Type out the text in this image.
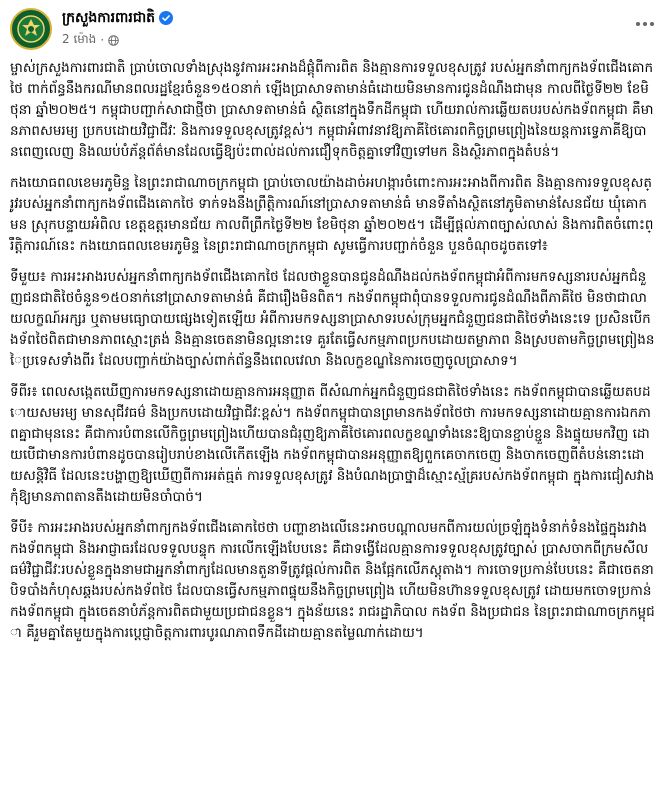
ក្រសួងការពារជាតិ
2 ម៉ោង ·

ម្ចាស់ក្រសួងការពារជាតិ ប្រាប់ចោលទាំងស្រុងនូវការអះអាងដ៏ផ្តុំពីការពិត និងគ្មានការទទួលខុសត្រូវ របស់អ្នកនាំពាក្យកងទ័ពជើងគោកថៃ ពាក់ព័ន្ធនឹងករណីមានពលរដ្ឋខ្មែរចំនួន១៥០នាក់ ឡើងប្រាសាទតាមាន់ធំដោយមិនមានការជូនដំណឹងជាមុន កាលពីថ្ងៃទី២២ ខែមិថុនា ឆ្នាំ២០២៥។ កម្ពុជាបញ្ជាក់សាជាថ្មីថា ប្រាសាទតាមាន់ធំ ស្ថិតនៅក្នុងទឹកដីកម្ពុជា ហើយរាល់ការឆ្លើយតបរបស់កងទ័ពកម្ពុជា គឺមានភាពសមរម្យ ប្រកបដោយវិជ្ជាជីវៈ និងការទទួលខុសត្រូវខ្ពស់។ កម្ពុជាអំពាវនាវឱ្យភាគីថៃគោរពកិច្ចព្រមព្រៀងនៃយន្តការទ្វេភាគីឱ្យបានពេញលេញ និងឈប់បំភ័ន្តព័ត៌មានដែលធ្វើឱ្យប៉ះពាល់ដល់ការជឿទុកចិត្តគ្នាទៅវិញទៅមក និងស្ថិរភាពក្នុងតំបន់។

កងយោធពលខេមរភូមិន្ទ នៃព្រះរាជាណាចក្រកម្ពុជា ប្រាប់ចោលយ៉ាងដាច់អហង្ការចំពោះការអះអាងពីការពិត និងគ្មានការទទួលខុសត្រូវរបស់អ្នកនាំពាក្យកងទ័ពជើងគោកថៃ ទាក់ទងនឹងព្រឹត្តិការណ៍នៅប្រាសាទតាមាន់ធំ មានទីតាំងស្ថិតនៅភូមិតាមាន់សែនជ័យ ឃុំគោកមន ស្រុកបន្ទាយអំពិល ខេត្តឧត្តរមានជ័យ កាលពីព្រឹកថ្ងៃទី២២ ខែមិថុនា ឆ្នាំ២០២៥។ ដើម្បីផ្តល់ភាពច្បាស់លាស់ និងការពិតចំពោះព្រឹត្តិការណ៍នេះ កងយោធពលខេមរភូមិន្ទ នៃព្រះរាជាណាចក្រកម្ពុជា សូមធ្វើការបញ្ជាក់ចំនួន បួនចំណុចដូចតទៅ៖

ទីមួយ៖ ការអះអាងរបស់អ្នកនាំពាក្យកងទ័ពជើងគោកថៃ ដែលថាខ្លួនបានជូនដំណឹងដល់កងទ័ពកម្ពុជាអំពីការមកទស្សនារបស់អ្នកជំនួញជនជាតិថៃចំនួន១៥០នាក់នៅប្រាសាទតាមាន់ធំ គឺជារឿងមិនពិត។ កងទ័ពកម្ពុជាពុំបានទទួលការជូនដំណឹងពីភាគីថៃ មិនថាជាលាយលក្ខណ៍អក្សរ ឬតាមមធ្យោបាយផ្សេងទៀតឡើយ អំពីការមកទស្សនាប្រាសាទរបស់ក្រុមអ្នកជំនួញជនជាតិថៃទាំងនេះទេ ប្រសិនបើកងទ័ពថៃពិតជាមានភាពស្មោះត្រង់ និងគ្មានចេតនាមិនល្អនោះទេ គួរតែធ្វើសកម្មភាពប្រកបដោយតម្លាភាព និងស្របតាមកិច្ចព្រមព្រៀងនៃប្រទេសទាំងពីរ ដែលបញ្ជាក់យ៉ាងច្បាស់ពាក់ព័ន្ធនឹងពេលវេលា និងលក្ខខណ្ឌនៃការចេញចូលប្រាសាទ។

ទីពីរ៖ ពេលសង្កេតឃើញការមកទស្សនាដោយគ្មានការអនុញ្ញាត ពីសំណាក់អ្នកជំនួញជនជាតិថៃទាំងនេះ កងទ័ពកម្ពុជាបានឆ្លើយតបដោយសមរម្យ មានសុជីវធម៌ និងប្រកបដោយវិជ្ជាជីវៈខ្ពស់។ កងទ័ពកម្ពុជាបានព្រមានកងទ័ពថៃថា ការមកទស្សនាដោយគ្មានការឯកភាពគ្នាជាមុននេះ គឺជាការបំពានលើកិច្ចព្រមព្រៀងហើយបានជំរុញឱ្យភាគីថៃគោរពលក្ខខណ្ឌទាំងនេះឱ្យបានខ្ជាប់ខ្ជួន និងផ្ទុយមកវិញ ដោយបើជាមានការបំពានដូចបានរៀបរាប់ខាងលើកើតឡើង កងទ័ពកម្ពុជាបានអនុញ្ញាតឱ្យពួកគេចាកចេញ និងចាកចេញពីតំបន់នោះដោយសន្តិវិធី ដែលនេះបង្ហាញឱ្យឃើញពីការអត់ធ្មត់ ការទទួលខុសត្រូវ និងបំណងប្រាថ្នាដ៏ស្មោះស្ម័គ្ររបស់កងទ័ពកម្ពុជា ក្នុងការជៀសវាងកុំឱ្យមានភាពតានតឹងដោយមិនចាំបាច់។

ទីបី៖ ការអះអាងរបស់អ្នកនាំពាក្យកងទ័ពជើងគោកថៃថា បញ្ហាខាងលើនេះអាចបណ្តាលមកពីការយល់ច្រឡំក្នុងទំនាក់ទំនងផ្ទៃក្នុងរវាងកងទ័ពកម្ពុជា និងអាជ្ញាធរដែលទទួលបន្ទុក ការលើកឡើងបែបនេះ គឺជាទង្វើដែលគ្មានការទទួលខុសត្រូវច្បាស់ ប្រាសចាកពីក្រមសីលធម៌វិជ្ជាជីវៈរបស់ខ្លួនក្នុងនាមជាអ្នកនាំពាក្យដែលមានតួនាទីត្រូវផ្តល់ការពិត និងផ្អែកលើភស្តុតាង។ ការចោទប្រកាន់បែបនេះ គឺជាចេតនាបិទបាំងកំហុសឆ្គងរបស់កងទ័ពថៃ ដែលបានធ្វើសកម្មភាពផ្ទុយនឹងកិច្ចព្រមព្រៀង ហើយមិនហ៊ានទទួលខុសត្រូវ ដោយមកចោទប្រកាន់កងទ័ពកម្ពុជា ក្នុងចេតនាបំភ័ន្តការពិតជាមួយប្រជាជនខ្លួន។ ក្នុងន័យនេះ រាជរដ្ឋាភិបាល កងទ័ព និងប្រជាជន នៃព្រះរាជាណាចក្រកម្ពុជា គឺរួមគ្នាតែមួយក្នុងការប្តេជ្ញាចិត្តការពារបូរណភាពទឹកដីដោយគ្មានតម្លៃណាក់ដោយ។
